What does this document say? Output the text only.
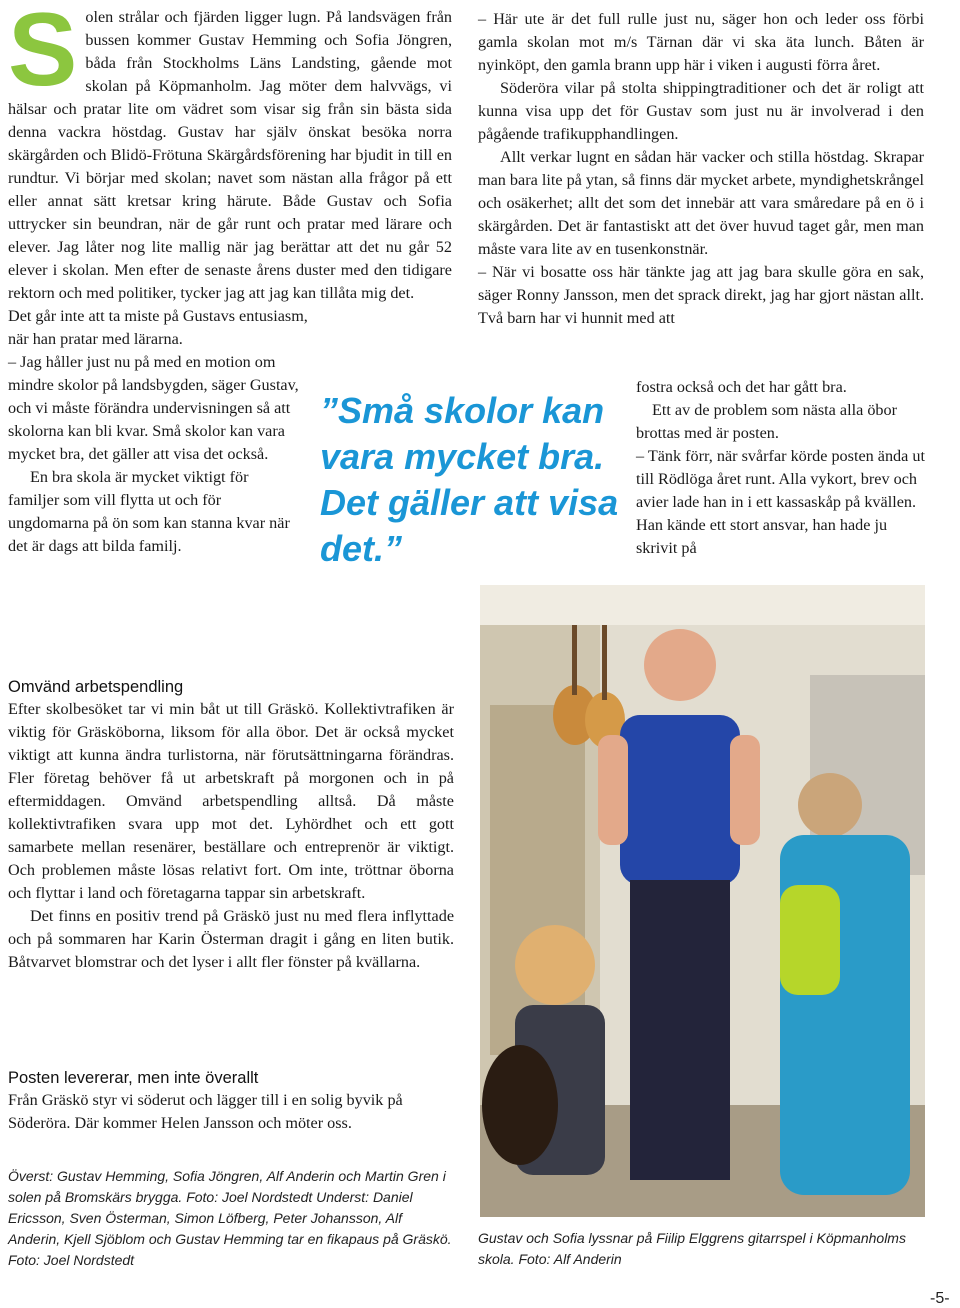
S olen strålar och fjärden ligger lugn. På landsvägen från bussen kommer Gustav Hemming och Sofia Jöngren, båda från Stockholms Läns Landsting, gående mot skolan på Köpmanholm. Jag möter dem halvvägs, vi hälsar och pratar lite om vädret som visar sig från sin bästa sida denna vackra höstdag. Gustav har själv önskat besöka norra skärgården och Blidö-Frötuna Skärgårdsförening har bjudit in till en rundtur. Vi börjar med skolan; navet som nästan alla frågor på ett eller annat sätt kretsar kring härute. Både Gustav och Sofia uttrycker sin beundran, när de går runt och pratar med lärare och elever. Jag låter nog lite mallig när jag berättar att det nu går 52 elever i skolan. Men efter de senaste årens duster med den tidigare rektorn och med politiker, tycker jag att jag kan tillåta mig det.

Det går inte att ta miste på Gustavs entusiasm, när han pratar med lärarna.

– Jag håller just nu på med en motion om mindre skolor på landsbygden, säger Gustav, och vi måste förändra undervisningen så att skolorna kan bli kvar. Små skolor kan vara mycket bra, det gäller att visa det också.

En bra skola är mycket viktigt för familjer som vill flytta ut och för ungdomarna på ön som kan stanna kvar när det är dags att bilda familj.

”Små skolor kan vara mycket bra. Det gäller att visa det.”
Omvänd arbetspendling

Efter skolbesöket tar vi min båt ut till Gräskö. Kollektivtrafiken är viktig för Gräsköborna, liksom för alla öbor. Det är också mycket viktigt att kunna ändra turlistorna, när förutsättningarna förändras. Fler företag behöver få ut arbetskraft på morgonen och in på eftermiddagen. Omvänd arbetspendling alltså. Då måste kollektivtrafiken svara upp mot det. Lyhördhet och ett gott samarbete mellan resenärer, beställare och entreprenör är viktigt. Och problemen måste lösas relativt fort. Om inte, tröttnar öborna och flyttar i land och företagarna tappar sin arbetskraft.

Det finns en positiv trend på Gräskö just nu med flera inflyttade och på sommaren har Karin Österman dragit i gång en liten butik. Båtvarvet blomstrar och det lyser i allt fler fönster på kvällarna.

Posten levererar, men inte överallt

Från Gräskö styr vi söderut och lägger till i en solig byvik på Söderöra. Där kommer Helen Jansson och möter oss.

Överst: Gustav Hemming, Sofia Jöngren, Alf Anderin och Martin Gren i solen på Bromskärs brygga. Foto: Joel Nordstedt Underst: Daniel Ericsson, Sven Österman, Simon Löfberg, Peter Johansson, Alf Anderin, Kjell Sjöblom och Gustav Hemming tar en fikapaus på Gräskö. Foto: Joel Nordstedt

– Här ute är det full rulle just nu, säger hon och leder oss förbi gamla skolan mot m/s Tärnan där vi ska äta lunch. Båten är nyinköpt, den gamla brann upp här i viken i augusti förra året.

Söderöra vilar på stolta shippingtraditioner och det är roligt att kunna visa upp det för Gustav som just nu är involverad i den pågående trafikupphandlingen.

Allt verkar lugnt en sådan här vacker och stilla höstdag. Skrapar man bara lite på ytan, så finns där mycket arbete, myndighetskrångel och osäkerhet; allt det som det innebär att vara småredare på en ö i skärgården. Det är fantastiskt att det över huvud taget går, men man måste vara lite av en tusenkonstnär.

– När vi bosatte oss här tänkte jag att jag bara skulle göra en sak, säger Ronny Jansson, men det sprack direkt, jag har gjort nästan allt. Två barn har vi hunnit med att

fostra också och det har gått bra.

Ett av de problem som nästa alla öbor brottas med är posten.

– Tänk förr, när svårfar körde posten ända ut till Rödlöga året runt. Alla vykort, brev och avier lade han in i ett kassaskåp på kvällen. Han kände ett stort ansvar, han hade ju skrivit på

Gustav och Sofia lyssnar på Fiilip Elggrens gitarrspel i Köpmanholms skola. Foto: Alf Anderin
-5-
